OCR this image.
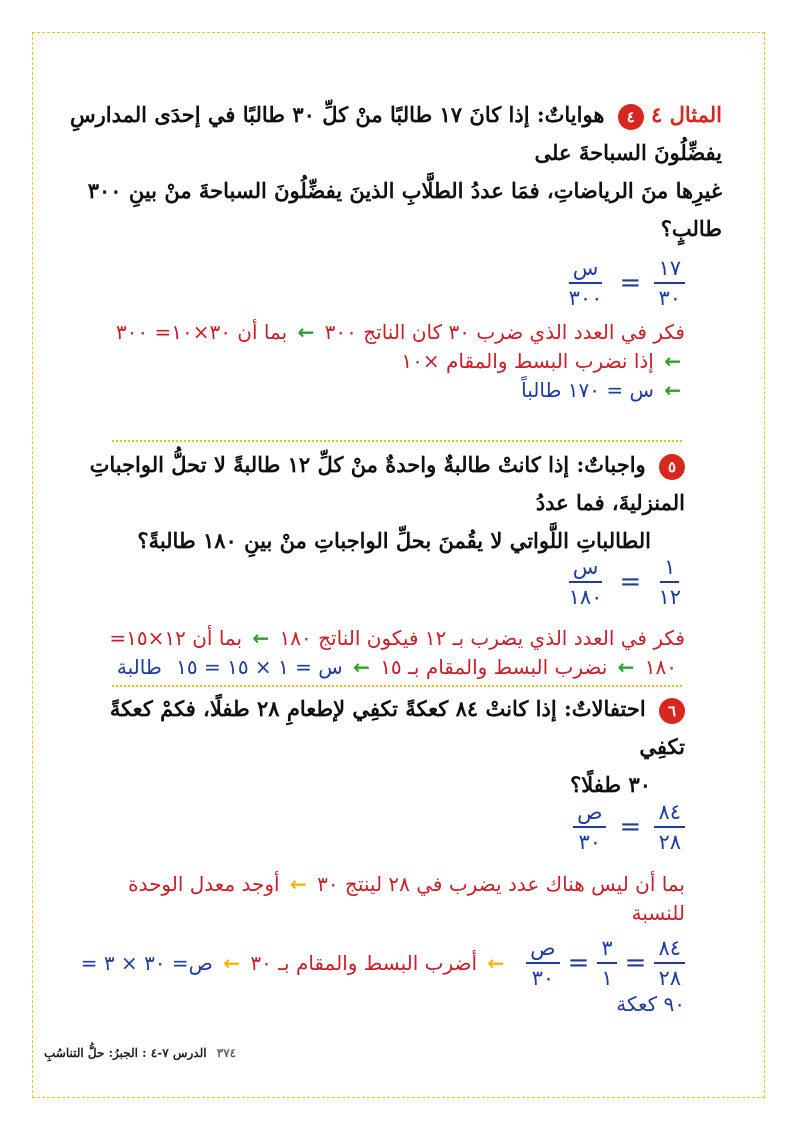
المثال ٤ ٤ هواياتٌ: إذا كانَ ١٧ طالبًا منْ كلِّ ٣٠ طالبًا في إحدَى المدارسِ يفضِّلُونَ السباحةَ على
غيرِها منَ الرياضاتِ، فمَا عددُ الطلَّابِ الذينَ يفضِّلُونَ السباحةَ منْ بينِ ٣٠٠ طالبٍ؟
$\frac{\text{س}}{٣٠٠} = \frac{١٧}{٣٠}$
فكر في العدد الذي ضرب ٣٠ كان الناتج ٣٠٠ ← بما أن ٣٠×١٠= ٣٠٠
← إذا نضرب البسط والمقام ×١٠
← س = ١٧٠ طالباً
٥ واجباتٌ: إذا كانتْ طالبةٌ واحدةٌ منْ كلِّ ١٢ طالبةً لا تحلُّ الواجباتِ المنزليةَ، فما عددُ
الطالباتِ اللَّواتي لا يقُمنَ بحلِّ الواجباتِ منْ بينِ ١٨٠ طالبةً؟
$\frac{\text{س}}{١٨٠} = \frac{١}{١٢}$
فكر في العدد الذي يضرب بـ ١٢ فيكون الناتج ١٨٠ ← بما أن ١٢×١٥=
١٨٠ ← نضرب البسط والمقام بـ ١٥ ← س = ١ × ١٥ = ١٥ طالبة
٦ احتفالاتٌ: إذا كانتْ ٨٤ كعكةً تكفِي لإطعامِ ٢٨ طفلًا، فكمْ كعكةً تكفِي
٣٠ طفلًا؟
$\frac{\text{ص}}{٣٠} = \frac{٨٤}{٢٨}$
بما أن ليس هناك عدد يضرب في ٢٨ لينتج ٣٠ ← أوجد معدل الوحدة
للنسبة
$\frac{٨٤}{٢٨}$
=
$\frac{٣}{١}$
=
$\frac{\text{ص}}{٣٠}$
← أضرب البسط والمقام بـ ٣٠ ← ص= ٣٠ × ٣ =
٩٠ كعكة
٣٧٤ الدرس ٧-٤ : الجبرُ: حلُّ التناسُبِ
